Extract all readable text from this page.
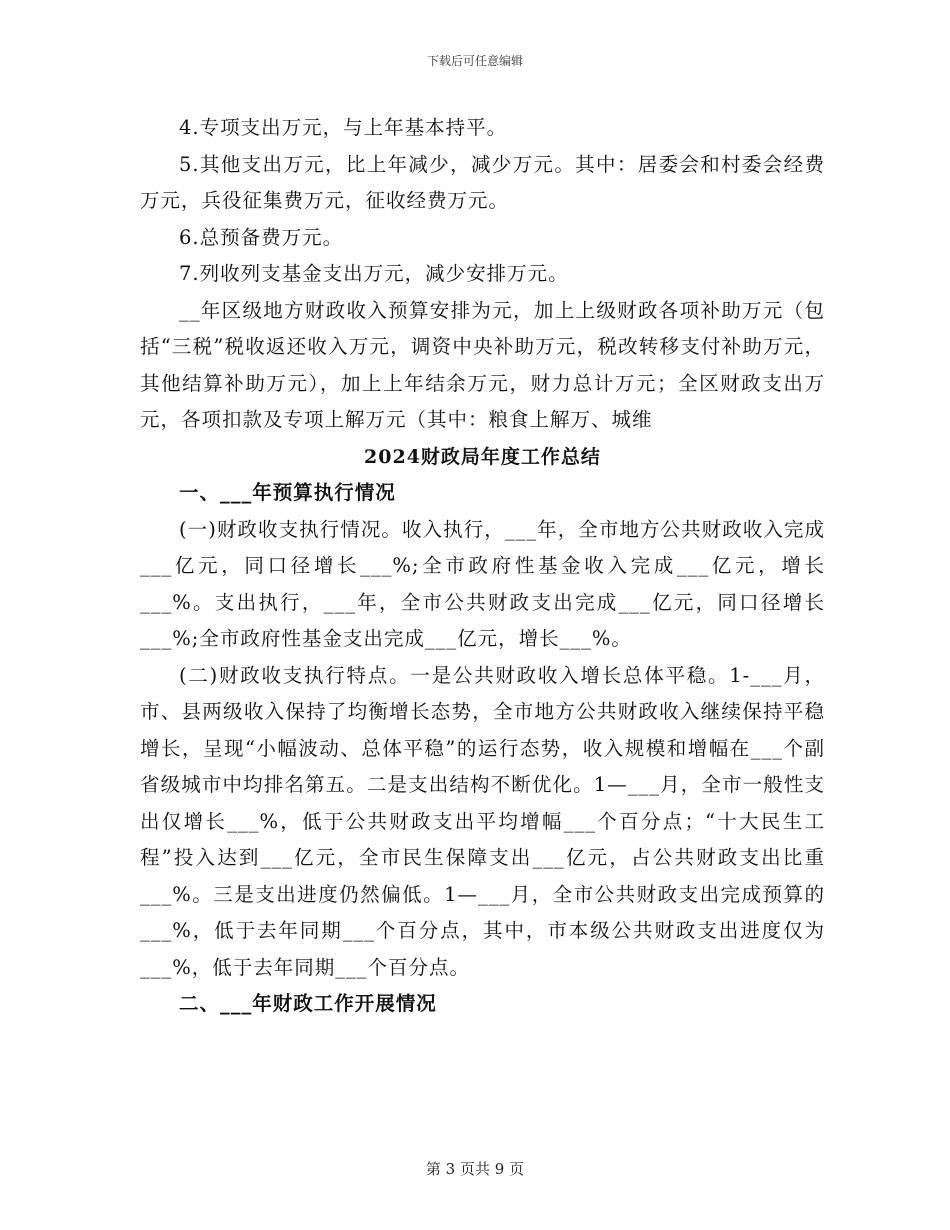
下载后可任意编辑

4.专项支出万元，与上年基本持平。

5.其他支出万元，比上年减少，减少万元。其中：居委会和村委会经费万元，兵役征集费万元，征收经费万元。

6.总预备费万元。

7.列收列支基金支出万元，减少安排万元。

__年区级地方财政收入预算安排为元，加上上级财政各项补助万元（包括“三税”税收返还收入万元，调资中央补助万元，税改转移支付补助万元，其他结算补助万元），加上上年结余万元，财力总计万元；全区财政支出万元，各项扣款及专项上解万元（其中：粮食上解万、城维

2024财政局年度工作总结

一、___年预算执行情况

(一)财政收支执行情况。收入执行，___年，全市地方公共财政收入完成___亿元，同口径增长___%;全市政府性基金收入完成___亿元，增长___%。支出执行，___年，全市公共财政支出完成___亿元，同口径增长___%;全市政府性基金支出完成___亿元，增长___%。

(二)财政收支执行特点。一是公共财政收入增长总体平稳。1-___月，市、县两级收入保持了均衡增长态势，全市地方公共财政收入继续保持平稳增长，呈现“小幅波动、总体平稳”的运行态势，收入规模和增幅在___个副省级城市中均排名第五。二是支出结构不断优化。1—___月，全市一般性支出仅增长___%，低于公共财政支出平均增幅___个百分点；“十大民生工程”投入达到___亿元，全市民生保障支出___亿元，占公共财政支出比重___%。三是支出进度仍然偏低。1—___月，全市公共财政支出完成预算的___%，低于去年同期___个百分点，其中，市本级公共财政支出进度仅为___%，低于去年同期___个百分点。

二、___年财政工作开展情况

第 3 页共 9 页
